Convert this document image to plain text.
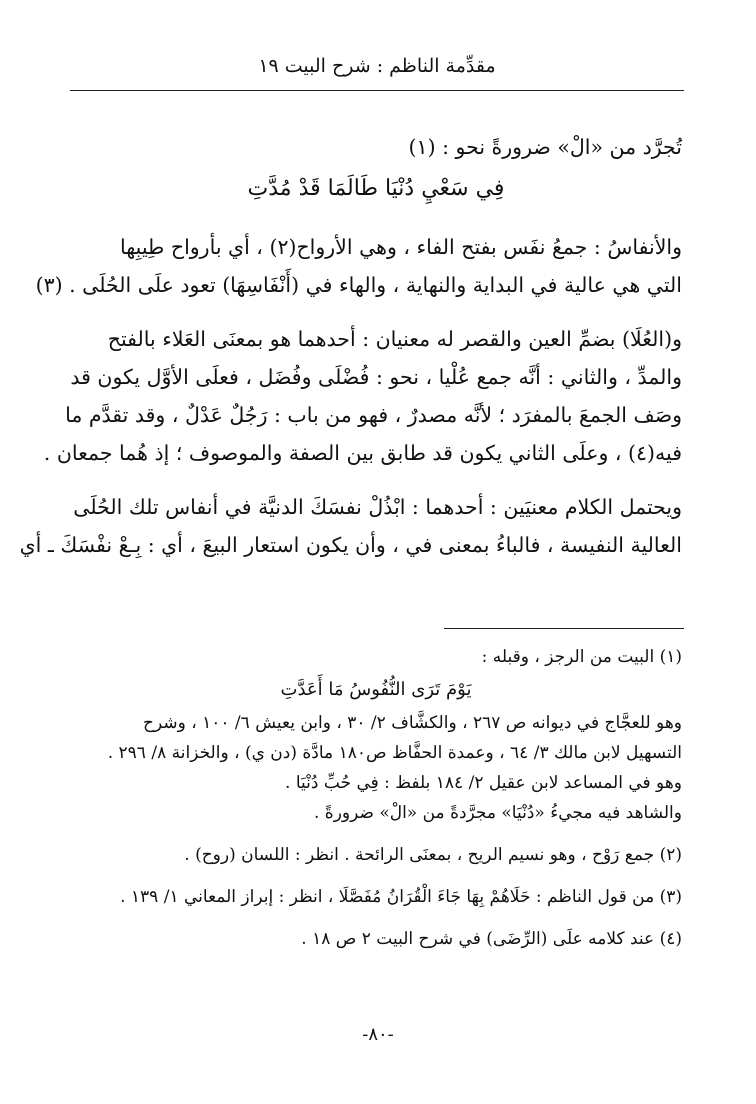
مقدِّمة الناظم : شرح البيت ١٩
تُجرَّد من «الْ» ضرورةً نحو : (١)
فِي سَعْيِ دُنْيَا طَالَمَا قَدْ مُدَّتِ
والأنفاسُ : جمعُ نفَس بفتح الفاء ، وهي الأرواح(٢) ، أي بأرواح طِيبِها
التي هي عالية في البداية والنهاية ، والهاء في (أَنْفَاسِهَا) تعود علَى الحُلَى . (٣)
و(العُلَا) بضمِّ العين والقصر له معنيان : أحدهما هو بمعنَى العَلاء بالفتح
والمدِّ ، والثاني : أنَّه جمع عُلْيا ، نحو : فُضْلَى وفُضَل ، فعلَى الأوَّل يكون قد
وصَف الجمعَ بالمفرَد ؛ لأنَّه مصدرٌ ، فهو من باب : رَجُلٌ عَدْلٌ ، وقد تقدَّم ما
فيه(٤) ، وعلَى الثاني يكون قد طابق بين الصفة والموصوف ؛ إذ هُما جمعان .
ويحتمل الكلام معنيَين : أحدهما : ابْذُلْ نفسَكَ الدنيَّة في أنفاس تلك الحُلَى
العالية النفيسة ، فالباءُ بمعنى في ، وأن يكون استعار البيعَ ، أي : بِـعْ نفْسَكَ ـ أي
(١) البيت من الرجز ، وقبله :
يَوْمَ تَرَى النُّفُوسُ مَا أَعَدَّتِ
وهو للعجَّاج في ديوانه ص ٢٦٧ ، والكشَّاف ٢/ ٣٠ ، وابن يعيش ٦/ ١٠٠ ، وشرح
التسهيل لابن مالك ٣/ ٦٤ ، وعمدة الحفَّاظ ص١٨٠ مادَّة (دن ي) ، والخزانة ٨/ ٢٩٦ .
وهو في المساعد لابن عقيل ٢/ ١٨٤ بلفظ : فِي حُبِّ دُنْيَا .
والشاهد فيه مجيءُ «دُنْيَا» مجرَّدةً من «الْ» ضرورةً .
(٢) جمع رَوْح ، وهو نسيم الريح ، بمعنَى الرائحة . انظر : اللسان (روح) .
(٣) من قول الناظم : حَلَاهُمْ بِهَا جَاءَ الْقُرَانُ مُفَصَّلَا ، انظر : إبراز المعاني ١/ ١٣٩ .
(٤) عند كلامه علَى (الرِّضَى) في شرح البيت ٢ ص ١٨ .
-٨٠-
